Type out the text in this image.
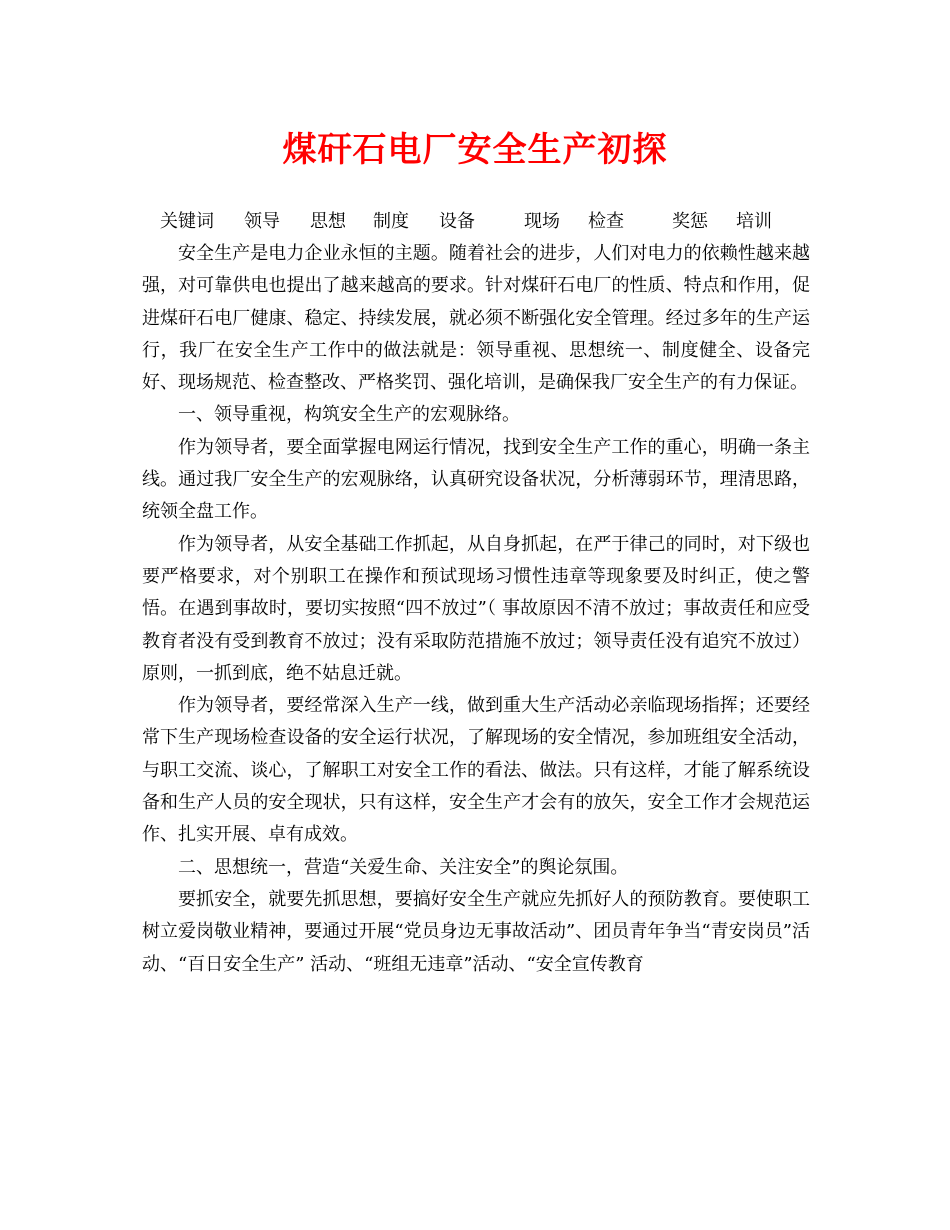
煤矸石电厂安全生产初探
关键词 领导 思想 制度 设备	现场 检查	奖惩 培训

安全生产是电力企业永恒的主题。随着社会的进步，人们对电力的依赖性越来越强，对可靠供电也提出了越来越高的要求。针对煤矸石电厂的性质、特点和作用，促进煤矸石电厂健康、稳定、持续发展，就必须不断强化安全管理。经过多年的生产运行，我厂在安全生产工作中的做法就是：领导重视、思想统一、制度健全、设备完好、现场规范、检查整改、严格奖罚、强化培训，是确保我厂安全生产的有力保证。

一、领导重视，构筑安全生产的宏观脉络。

作为领导者，要全面掌握电网运行情况，找到安全生产工作的重心，明确一条主线。通过我厂安全生产的宏观脉络，认真研究设备状况，分析薄弱环节，理清思路，统领全盘工作。

作为领导者，从安全基础工作抓起，从自身抓起，在严于律己的同时，对下级也要严格要求，对个别职工在操作和预试现场习惯性违章等现象要及时纠正，使之警悟。在遇到事故时，要切实按照“四不放过”（ 事故原因不清不放过；事故责任和应受教育者没有受到教育不放过；没有采取防范措施不放过；领导责任没有追究不放过）原则，一抓到底，绝不姑息迁就。

作为领导者，要经常深入生产一线，做到重大生产活动必亲临现场指挥；还要经常下生产现场检查设备的安全运行状况，了解现场的安全情况，参加班组安全活动，与职工交流、谈心，了解职工对安全工作的看法、做法。只有这样，才能了解系统设备和生产人员的安全现状，只有这样，安全生产才会有的放矢，安全工作才会规范运作、扎实开展、卓有成效。

二、思想统一，营造“关爱生命、关注安全”的舆论氛围。

要抓安全，就要先抓思想，要搞好安全生产就应先抓好人的预防教育。要使职工树立爱岗敬业精神，要通过开展“党员身边无事故活动”、团员青年争当“青安岗员”活动、“百日安全生产” 活动、“班组无违章”活动、“安全宣传教育
